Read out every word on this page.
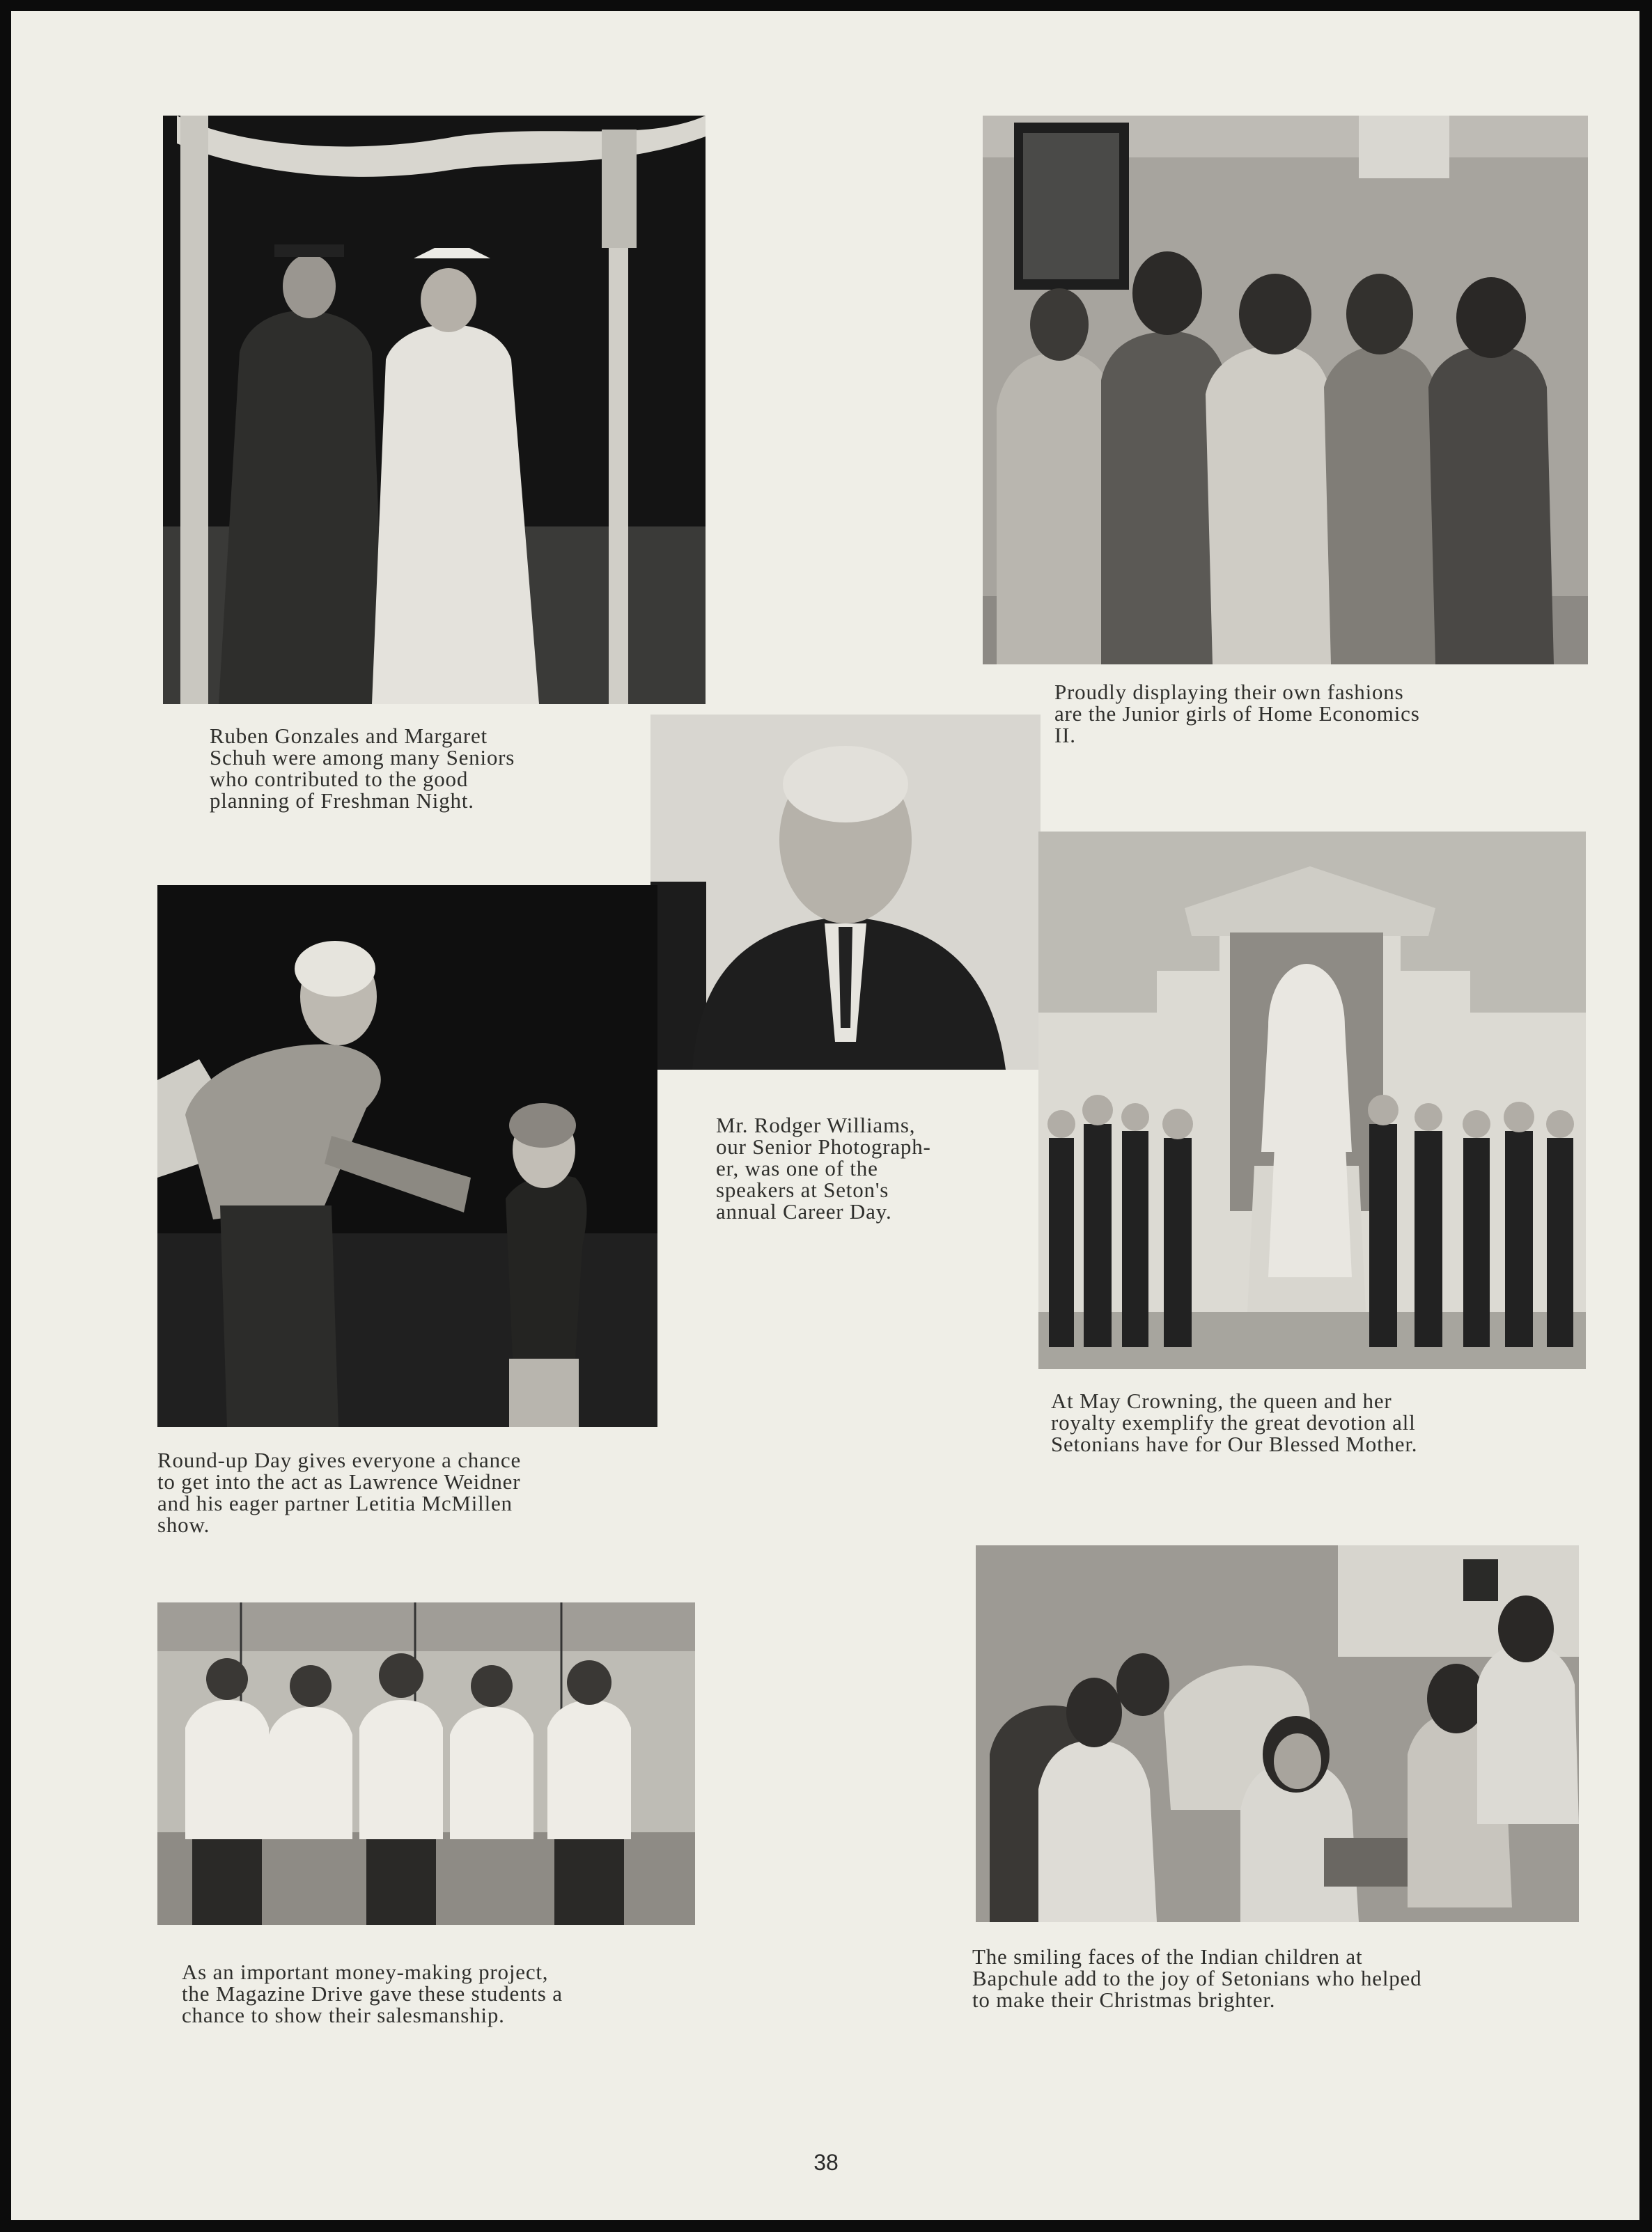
Ruben Gonzales and Margaret
Schuh were among many Seniors
who contributed to the good
planning of Freshman Night.
Proudly displaying their own fashions
are the Junior girls of Home Economics
II.
Mr. Rodger Williams,
our Senior Photograph-
er, was one of the
speakers at Seton's
annual Career Day.
Round-up Day gives everyone a chance
to get into the act as Lawrence Weidner
and his eager partner Letitia McMillen
show.
At May Crowning, the queen and her
royalty exemplify the great devotion all
Setonians have for Our Blessed Mother.
As an important money-making project,
the Magazine Drive gave these students a
chance to show their salesmanship.
The smiling faces of the Indian children at
Bapchule add to the joy of Setonians who helped
to make their Christmas brighter.
38
